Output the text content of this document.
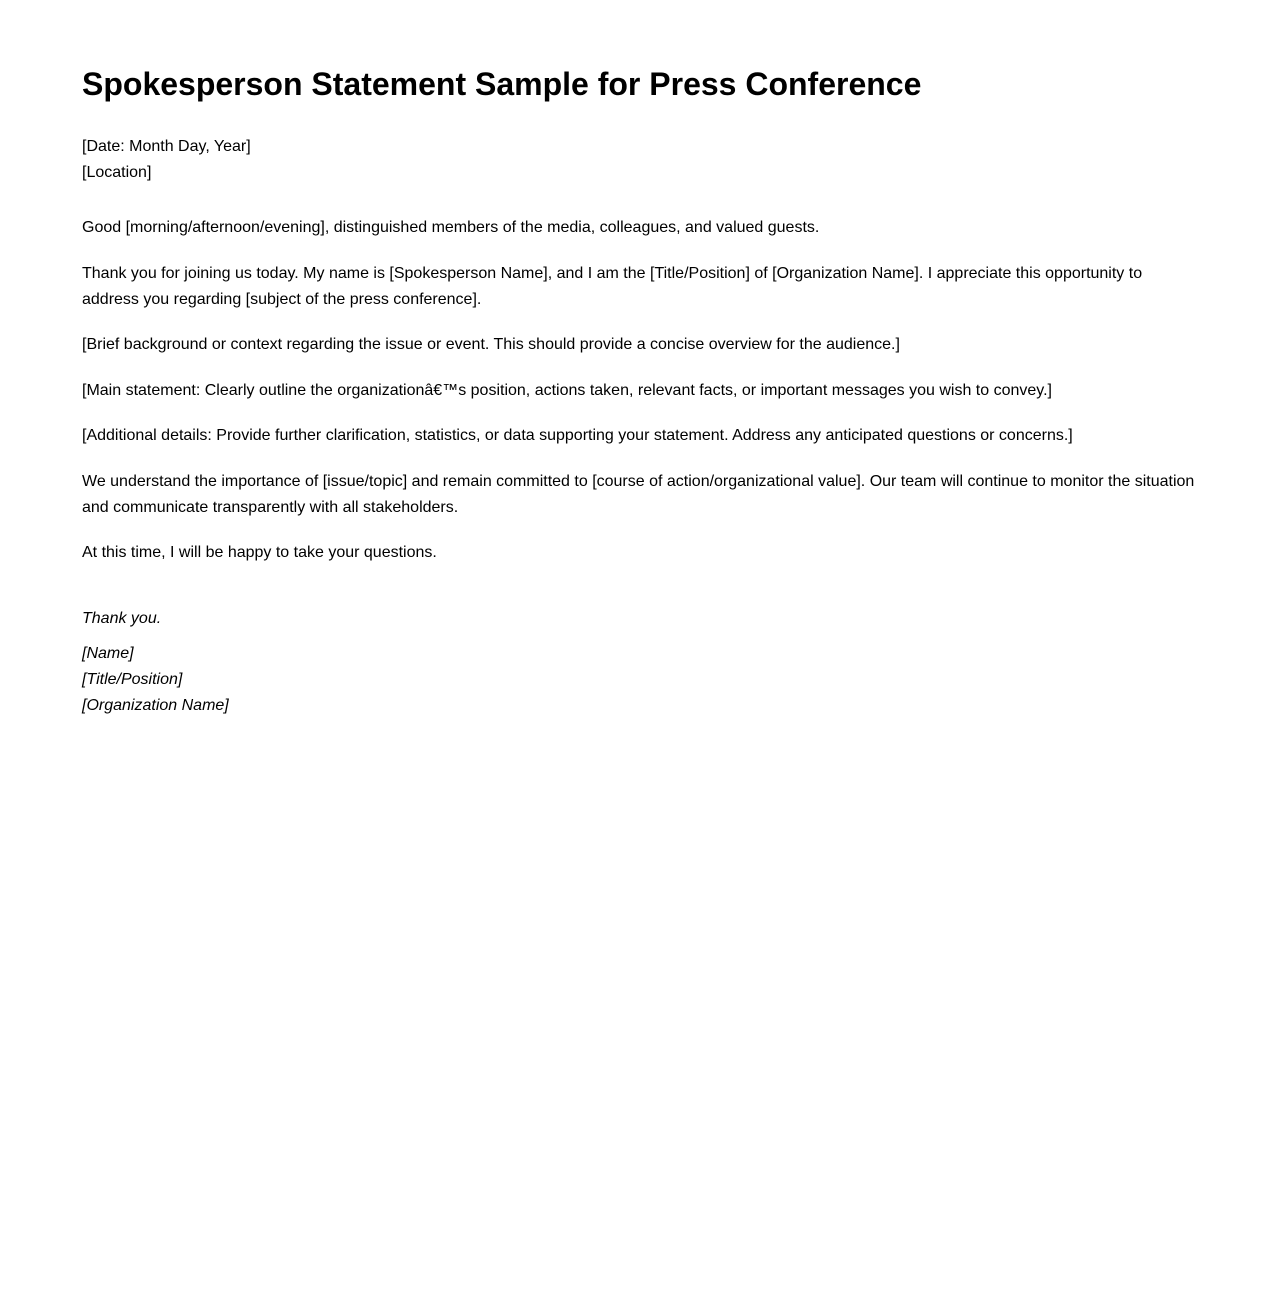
Spokesperson Statement Sample for Press Conference
[Date: Month Day, Year]
[Location]

Good [morning/afternoon/evening], distinguished members of the media, colleagues, and valued guests.

Thank you for joining us today. My name is [Spokesperson Name], and I am the [Title/Position] of [Organization Name]. I appreciate this opportunity to address you regarding [subject of the press conference].

[Brief background or context regarding the issue or event. This should provide a concise overview for the audience.]

[Main statement: Clearly outline the organizationâ€™s position, actions taken, relevant facts, or important messages you wish to convey.]

[Additional details: Provide further clarification, statistics, or data supporting your statement. Address any anticipated questions or concerns.]

We understand the importance of [issue/topic] and remain committed to [course of action/organizational value]. Our team will continue to monitor the situation and communicate transparently with all stakeholders.

At this time, I will be happy to take your questions.

Thank you.
[Name]
[Title/Position]
[Organization Name]
